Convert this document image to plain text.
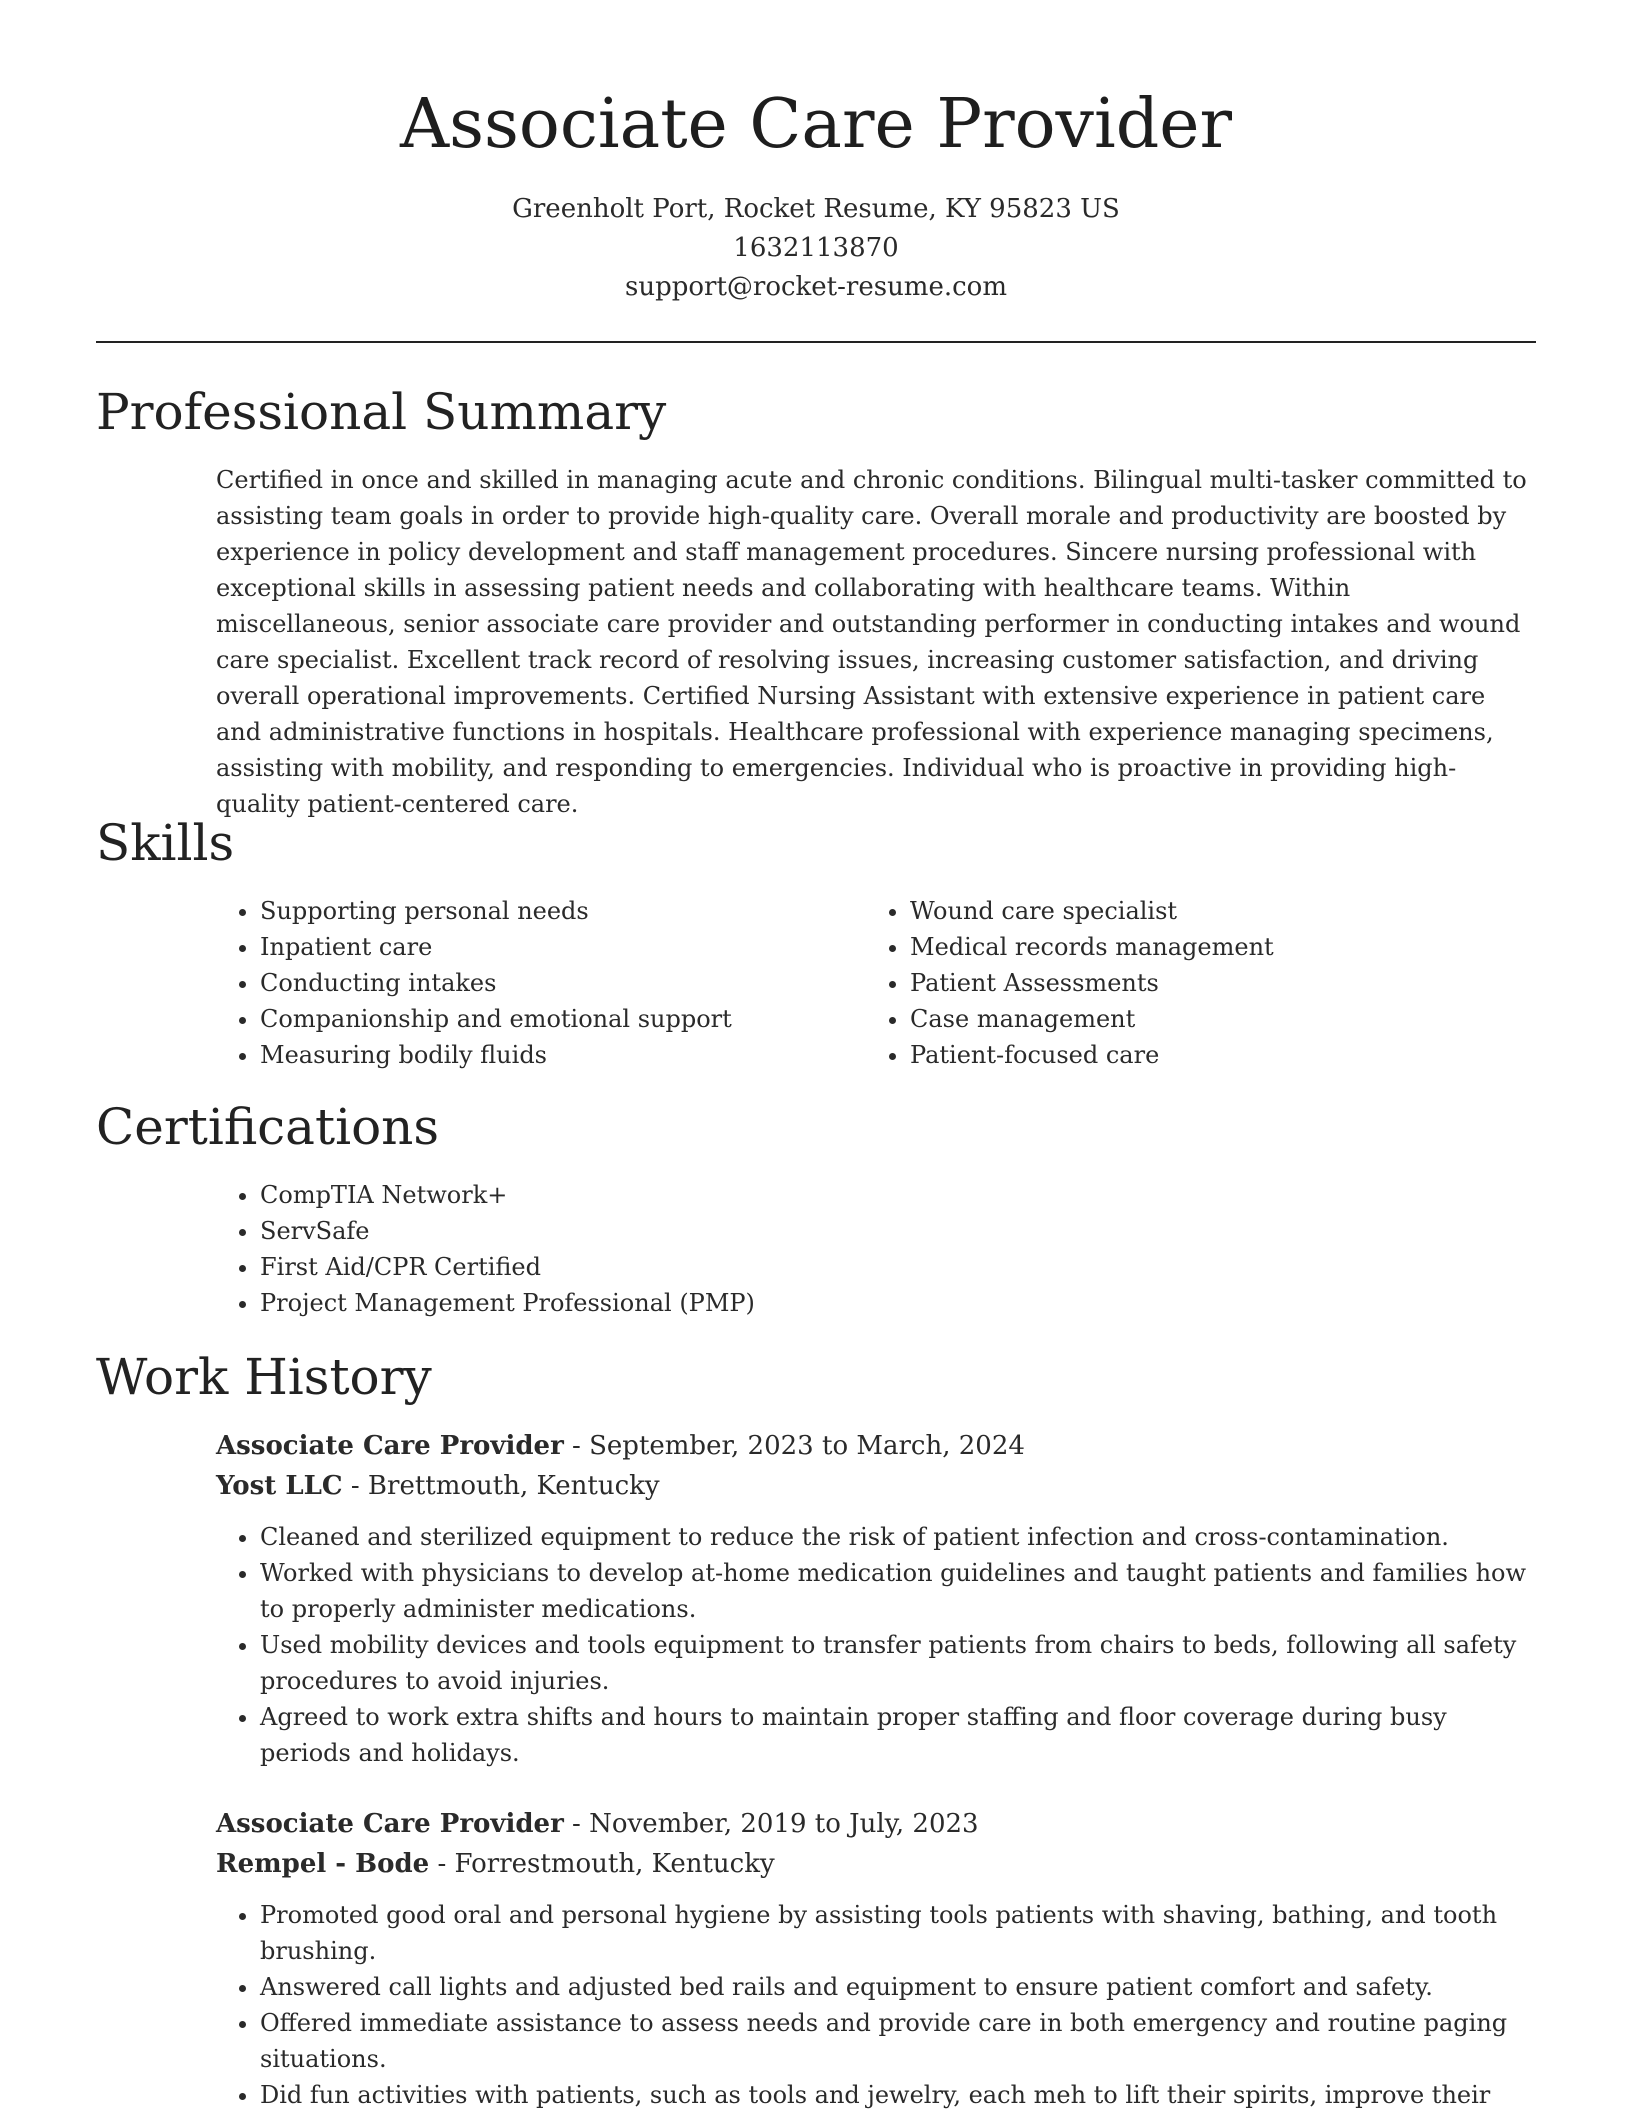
Associate Care Provider
Greenholt Port, Rocket Resume, KY 95823 US
1632113870
support@rocket-resume.com
Professional Summary

Certified in once and skilled in managing acute and chronic conditions. Bilingual multi-tasker committed to assisting team goals in order to provide high-quality care. Overall morale and productivity are boosted by experience in policy development and staff management procedures. Sincere nursing professional with exceptional skills in assessing patient needs and collaborating with healthcare teams. Within miscellaneous, senior associate care provider and outstanding performer in conducting intakes and wound care specialist. Excellent track record of resolving issues, increasing customer satisfaction, and driving overall operational improvements. Certified Nursing Assistant with extensive experience in patient care and administrative functions in hospitals. Healthcare professional with experience managing specimens, assisting with mobility, and responding to emergencies. Individual who is proactive in providing high-quality patient-centered care.

Skills
• Supporting personal needs
• Inpatient care
• Conducting intakes
• Companionship and emotional support
• Measuring bodily fluids
• Wound care specialist
• Medical records management
• Patient Assessments
• Case management
• Patient-focused care
Certifications
• CompTIA Network+
• ServSafe
• First Aid/CPR Certified
• Project Management Professional (PMP)
Work History
Associate Care Provider - September, 2023 to March, 2024
Yost LLC - Brettmouth, Kentucky
• Cleaned and sterilized equipment to reduce the risk of patient infection and cross-contamination.
• Worked with physicians to develop at-home medication guidelines and taught patients and families how to properly administer medications.
• Used mobility devices and tools equipment to transfer patients from chairs to beds, following all safety procedures to avoid injuries.
• Agreed to work extra shifts and hours to maintain proper staffing and floor coverage during busy periods and holidays.
Associate Care Provider - November, 2019 to July, 2023
Rempel - Bode - Forrestmouth, Kentucky
• Promoted good oral and personal hygiene by assisting tools patients with shaving, bathing, and tooth brushing.
• Answered call lights and adjusted bed rails and equipment to ensure patient comfort and safety.
• Offered immediate assistance to assess needs and provide care in both emergency and routine paging situations.
• Did fun activities with patients, such as tools and jewelry, each meh to lift their spirits, improve their
